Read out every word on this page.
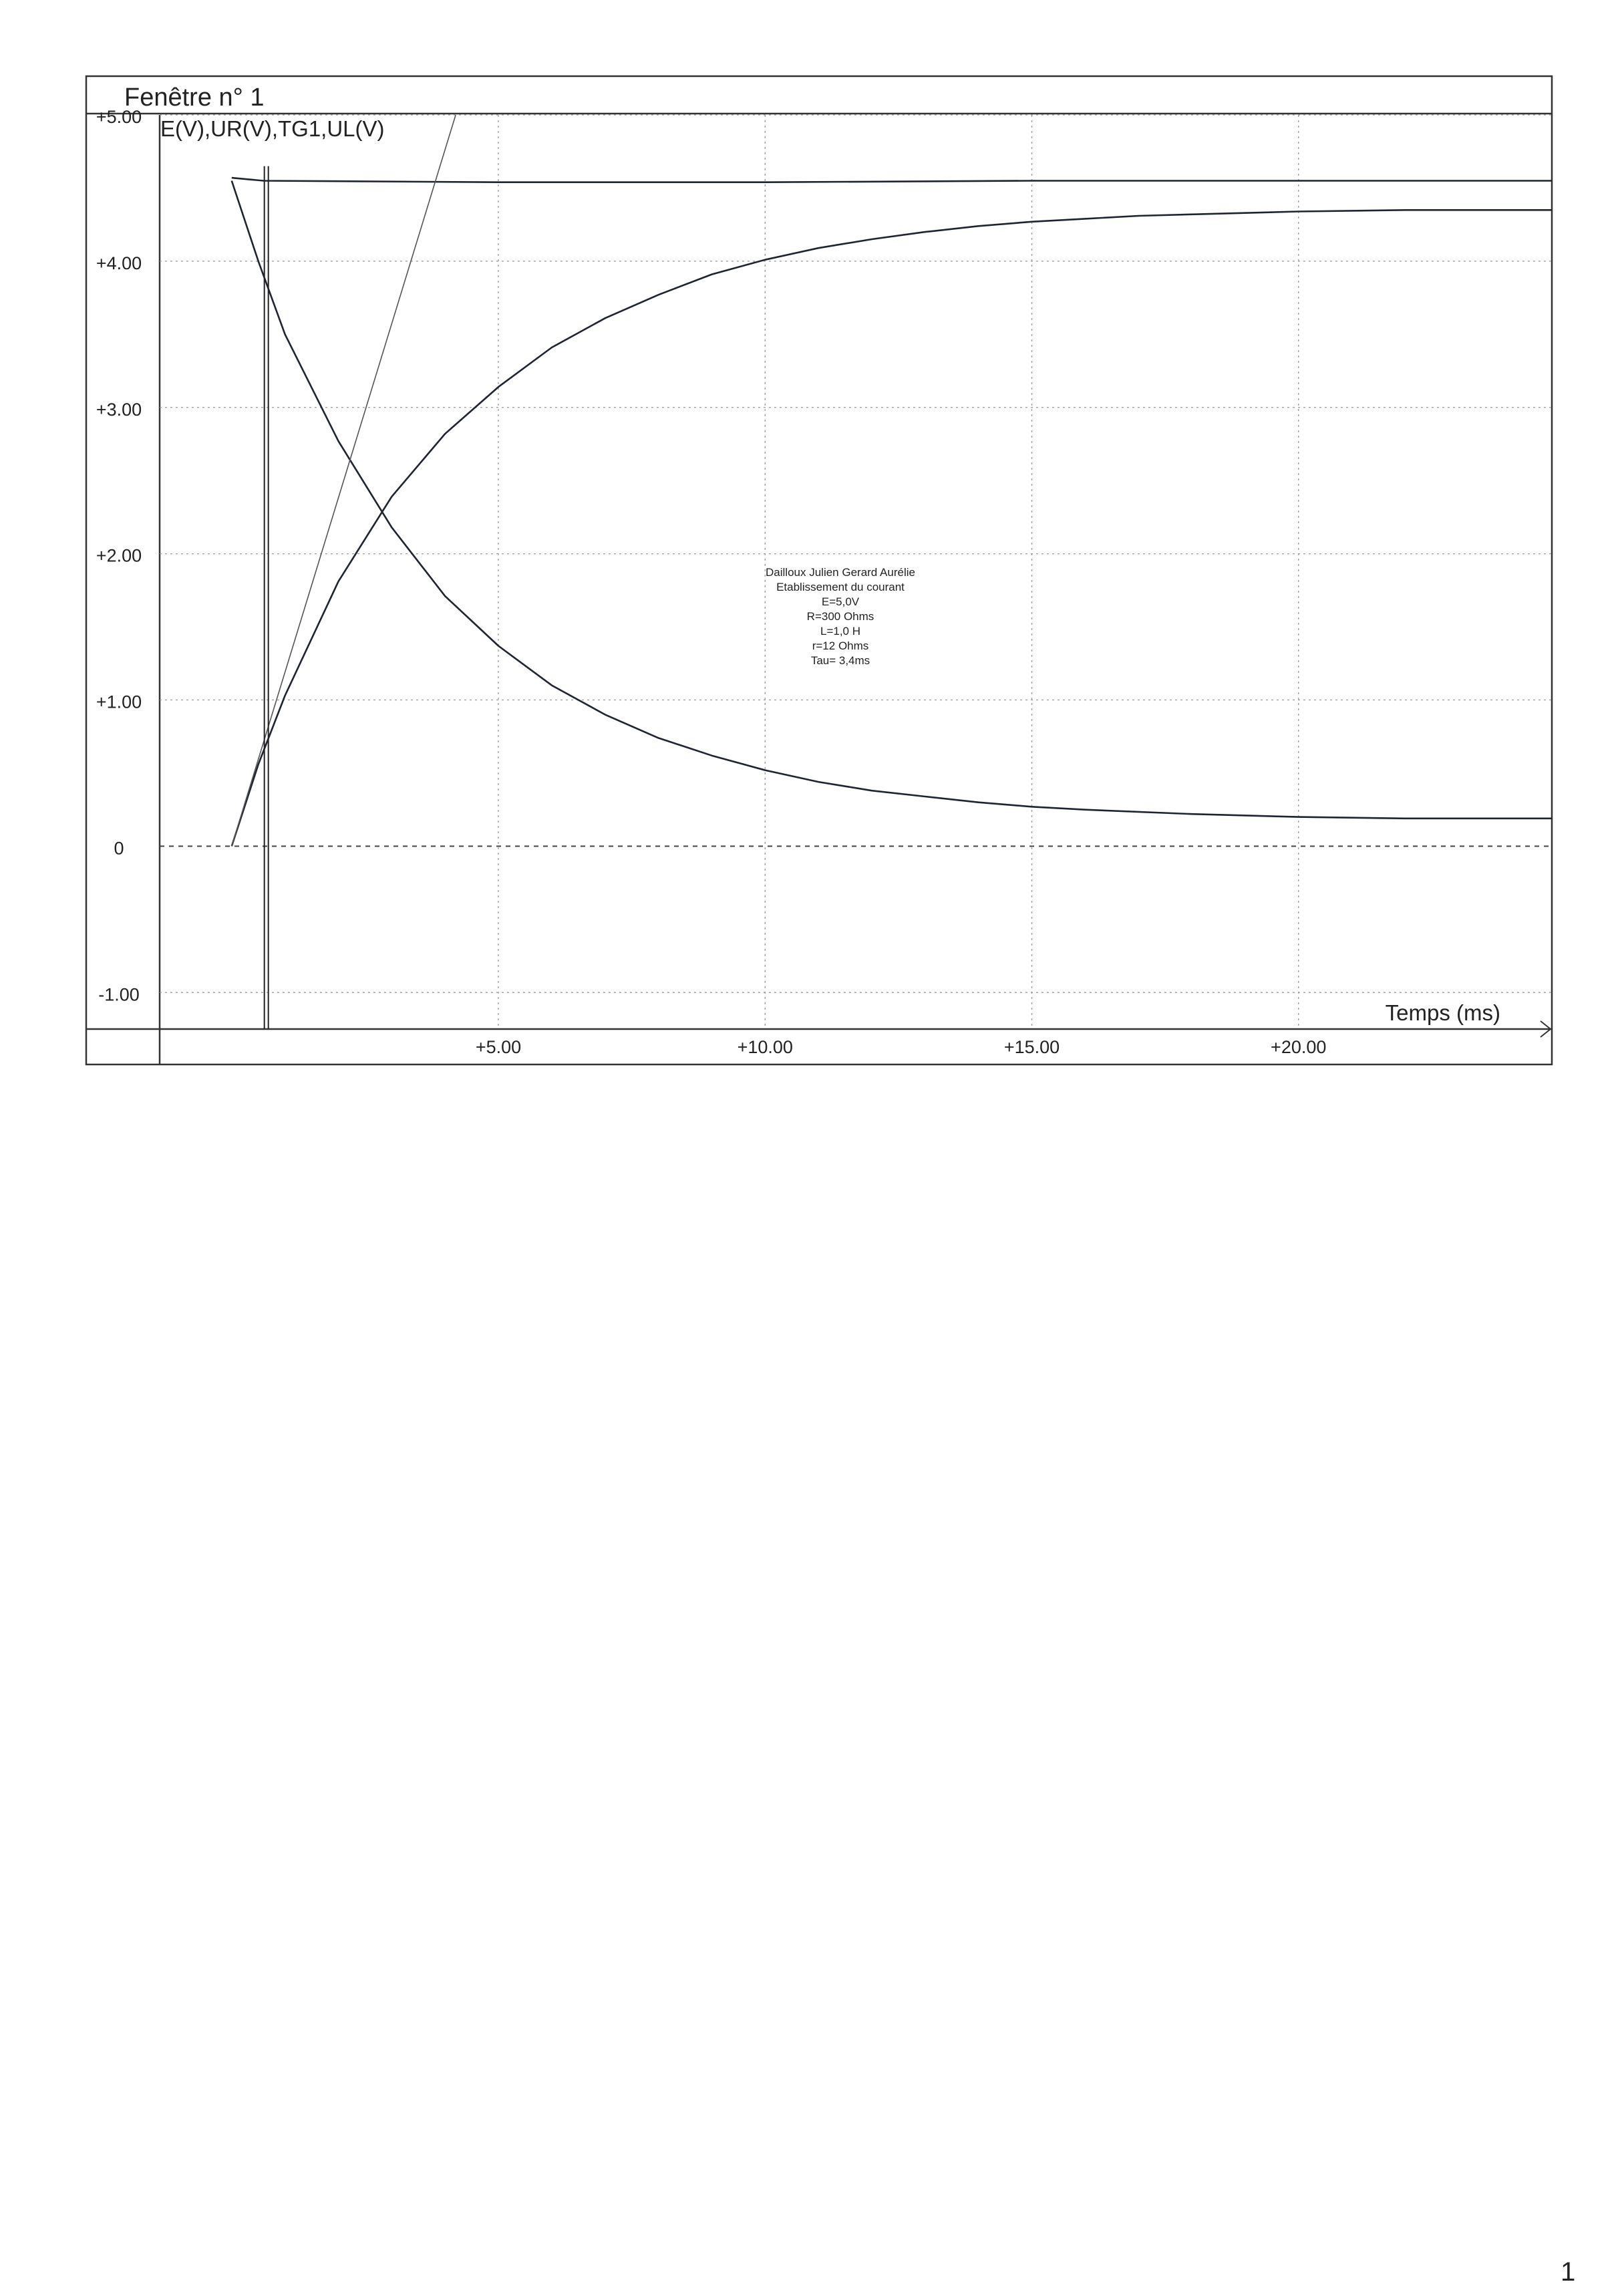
Fenêtre n° 1
E(V),UR(V),TG1,UL(V)
Temps (ms)
Dailloux Julien Gerard Aurélie Etablissement du courant E=5,0V R=300 Ohms L=1,0 H r=12 Ohms Tau= 3,4ms
+5.00
+4.00
+3.00
+2.00
+1.00
0
-1.00
+5.00	+10.00	+15.00	+20.00
1
